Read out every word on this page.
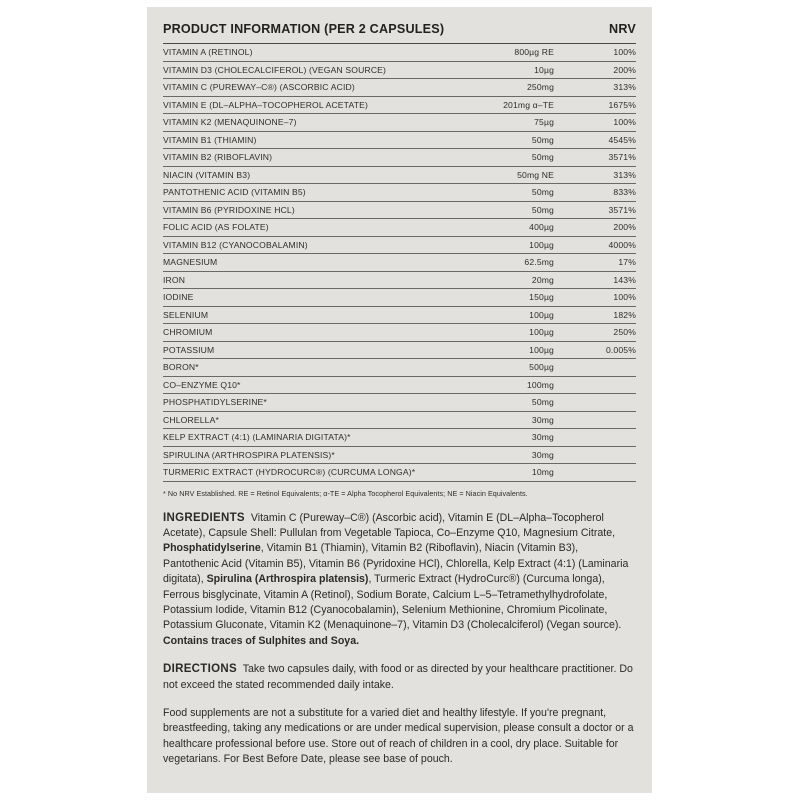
PRODUCT INFORMATION (PER 2 CAPSULES)	NRV
VITAMIN A (RETINOL)	800µg RE	100%
VITAMIN D3 (CHOLECALCIFEROL) (VEGAN SOURCE)	10µg	200%
VITAMIN C (PUREWAY–C®) (ASCORBIC ACID)	250mg	313%
VITAMIN E (DL–ALPHA–TOCOPHEROL ACETATE)	201mg α–TE	1675%
VITAMIN K2 (MENAQUINONE–7)	75µg	100%
VITAMIN B1 (THIAMIN)	50mg	4545%
VITAMIN B2 (RIBOFLAVIN)	50mg	3571%
NIACIN (VITAMIN B3)	50mg NE	313%
PANTOTHENIC ACID (VITAMIN B5)	50mg	833%
VITAMIN B6 (PYRIDOXINE HCL)	50mg	3571%
FOLIC ACID (AS FOLATE)	400µg	200%
VITAMIN B12 (CYANOCOBALAMIN)	100µg	4000%
MAGNESIUM	62.5mg	17%
IRON	20mg	143%
IODINE	150µg	100%
SELENIUM	100µg	182%
CHROMIUM	100µg	250%
POTASSIUM	100µg	0.005%
BORON*	500µg
CO–ENZYME Q10*	100mg
PHOSPHATIDYLSERINE*	50mg
CHLORELLA*	30mg
KELP EXTRACT (4:1) (LAMINARIA DIGITATA)*	30mg
SPIRULINA (ARTHROSPIRA PLATENSIS)*	30mg
TURMERIC EXTRACT (HYDROCURC®) (CURCUMA LONGA)*	10mg
* No NRV Established. RE = Retinol Equivalents; α-TE = Alpha Tocopherol Equivalents; NE = Niacin Equivalents.
INGREDIENTS Vitamin C (Pureway–C®) (Ascorbic acid), Vitamin E (DL–Alpha–Tocopherol Acetate), Capsule Shell: Pullulan from Vegetable Tapioca, Co–Enzyme Q10, Magnesium Citrate, Phosphatidylserine, Vitamin B1 (Thiamin), Vitamin B2 (Riboflavin), Niacin (Vitamin B3), Pantothenic Acid (Vitamin B5), Vitamin B6 (Pyridoxine HCl), Chlorella, Kelp Extract (4:1) (Laminaria digitata), Spirulina (Arthrospira platensis), Turmeric Extract (HydroCurc®) (Curcuma longa), Ferrous bisglycinate, Vitamin A (Retinol), Sodium Borate, Calcium L–5–Tetramethylhydrofolate, Potassium Iodide, Vitamin B12 (Cyanocobalamin), Selenium Methionine, Chromium Picolinate, Potassium Gluconate, Vitamin K2 (Menaquinone–7), Vitamin D3 (Cholecalciferol) (Vegan source). Contains traces of Sulphites and Soya.
DIRECTIONS Take two capsules daily, with food or as directed by your healthcare practitioner. Do not exceed the stated recommended daily intake.
Food supplements are not a substitute for a varied diet and healthy lifestyle. If you're pregnant, breastfeeding, taking any medications or are under medical supervision, please consult a doctor or a healthcare professional before use. Store out of reach of children in a cool, dry place. Suitable for vegetarians. For Best Before Date, please see base of pouch.
